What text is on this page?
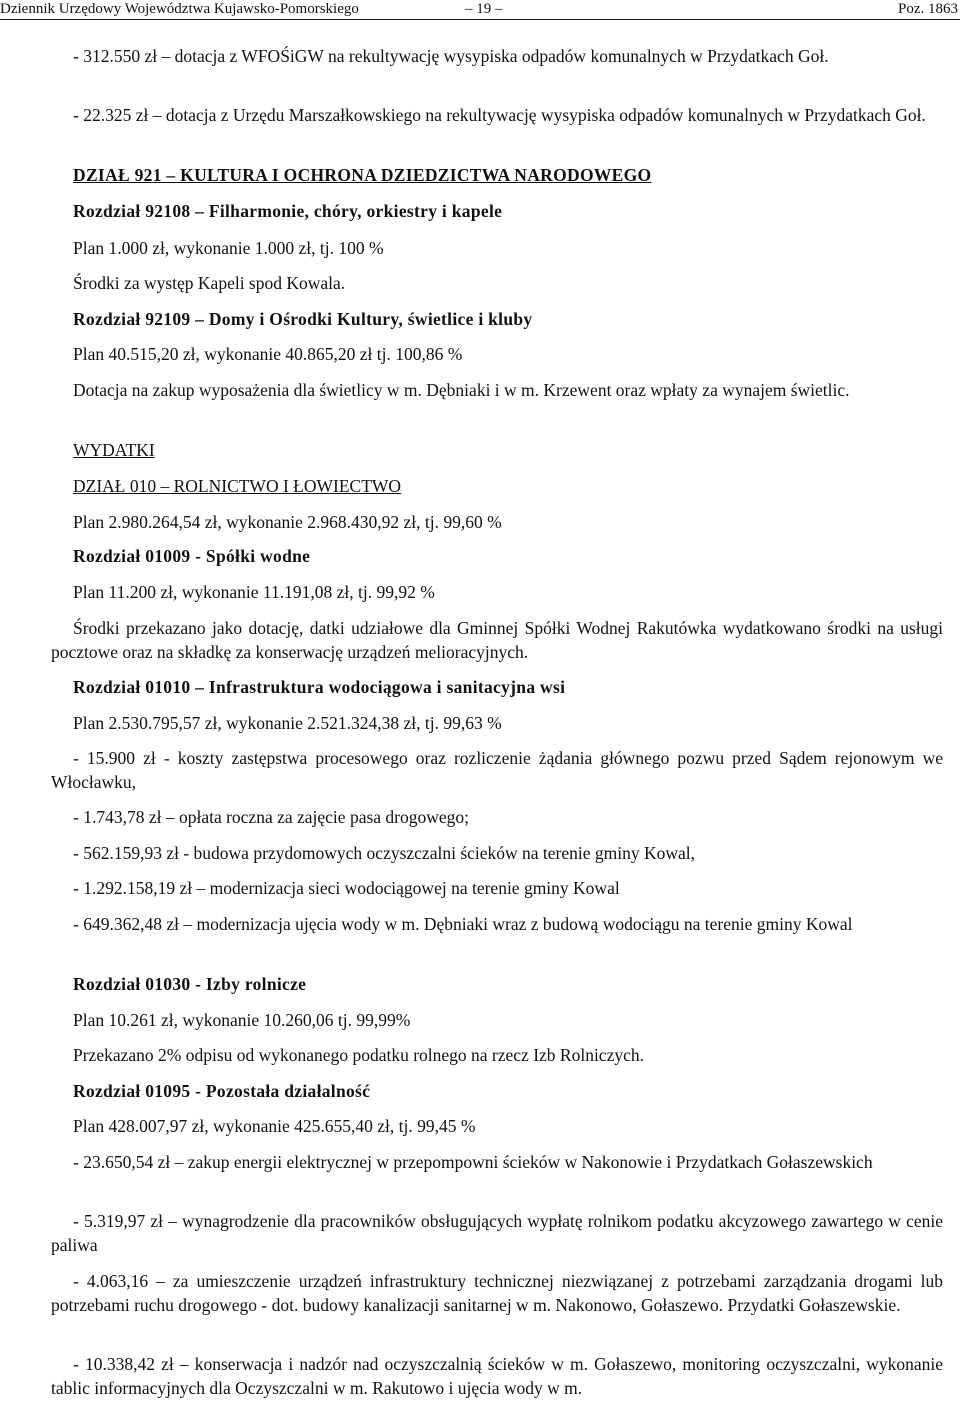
Dziennik Urzędowy Województwa Kujawsko-Pomorskiego	– 19 –	Poz. 1863

- 312.550 zł – dotacja z WFOŚiGW na rekultywację wysypiska odpadów komunalnych w Przydatkach Goł.

- 22.325 zł – dotacja z Urzędu Marszałkowskiego na rekultywację wysypiska odpadów komunalnych w Przydatkach Goł.

DZIAŁ 921 – KULTURA I OCHRONA DZIEDZICTWA NARODOWEGO

Rozdział 92108 – Filharmonie, chóry, orkiestry i kapele

Plan 1.000 zł, wykonanie 1.000 zł, tj. 100 %

Środki za występ Kapeli spod Kowala.

Rozdział 92109 – Domy i Ośrodki Kultury, świetlice i kluby

Plan 40.515,20 zł, wykonanie 40.865,20 zł tj. 100,86 %

Dotacja na zakup wyposażenia dla świetlicy w m. Dębniaki i w m. Krzewent oraz wpłaty za wynajem świetlic.

WYDATKI

DZIAŁ 010 – ROLNICTWO I ŁOWIECTWO

Plan 2.980.264,54 zł, wykonanie 2.968.430,92 zł, tj. 99,60 %

Rozdział 01009 - Spółki wodne

Plan 11.200 zł, wykonanie 11.191,08 zł, tj. 99,92 %

Środki przekazano jako dotację, datki udziałowe dla Gminnej Spółki Wodnej Rakutówka wydatkowano środki na usługi pocztowe oraz na składkę za konserwację urządzeń melioracyjnych.

Rozdział 01010 – Infrastruktura wodociągowa i sanitacyjna wsi

Plan 2.530.795,57 zł, wykonanie 2.521.324,38 zł, tj. 99,63 %

- 15.900 zł - koszty zastępstwa procesowego oraz rozliczenie żądania głównego pozwu przed Sądem rejonowym we Włocławku,

- 1.743,78 zł – opłata roczna za zajęcie pasa drogowego;

- 562.159,93 zł - budowa przydomowych oczyszczalni ścieków na terenie gminy Kowal,

- 1.292.158,19 zł – modernizacja sieci wodociągowej na terenie gminy Kowal

- 649.362,48 zł – modernizacja ujęcia wody w m. Dębniaki wraz z budową wodociągu na terenie gminy Kowal

Rozdział 01030 - Izby rolnicze

Plan 10.261 zł, wykonanie 10.260,06 tj. 99,99%

Przekazano 2% odpisu od wykonanego podatku rolnego na rzecz Izb Rolniczych.

Rozdział 01095 - Pozostała działalność

Plan 428.007,97 zł, wykonanie 425.655,40 zł, tj. 99,45 %

- 23.650,54 zł – zakup energii elektrycznej w przepompowni ścieków w Nakonowie i Przydatkach Gołaszewskich

- 5.319,97 zł – wynagrodzenie dla pracowników obsługujących wypłatę rolnikom podatku akcyzowego zawartego w cenie paliwa

- 4.063,16 – za umieszczenie urządzeń infrastruktury technicznej niezwiązanej z potrzebami zarządzania drogami lub potrzebami ruchu drogowego - dot. budowy kanalizacji sanitarnej w m. Nakonowo, Gołaszewo. Przydatki Gołaszewskie.

- 10.338,42 zł – konserwacja i nadzór nad oczyszczalnią ścieków w m. Gołaszewo, monitoring oczyszczalni, wykonanie tablic informacyjnych dla Oczyszczalni w m. Rakutowo i ujęcia wody w m.
